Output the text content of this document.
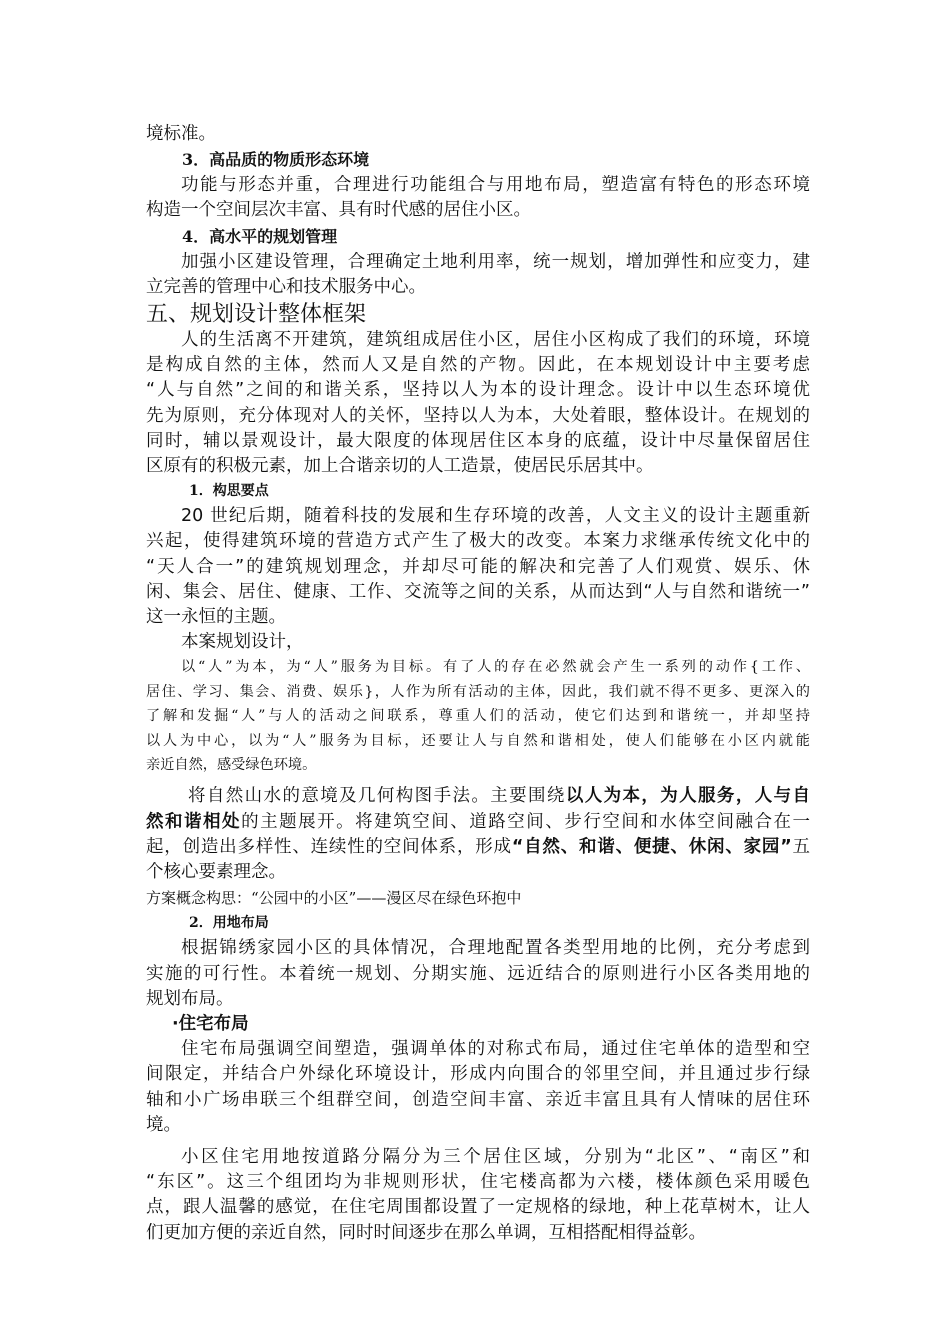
境标准。

3．高品质的物质形态环境

功能与形态并重，合理进行功能组合与用地布局，塑造富有特色的形态环境

构造一个空间层次丰富、具有时代感的居住小区。

4．高水平的规划管理

加强小区建设管理，合理确定土地利用率，统一规划，增加弹性和应变力，建

立完善的管理中心和技术服务中心。

五、规划设计整体框架

人的生活离不开建筑，建筑组成居住小区，居住小区构成了我们的环境，环境

是构成自然的主体，然而人又是自然的产物。因此，在本规划设计中主要考虑

“人与自然”之间的和谐关系，坚持以人为本的设计理念。设计中以生态环境优

先为原则，充分体现对人的关怀，坚持以人为本，大处着眼，整体设计。在规划的

同时，辅以景观设计，最大限度的体现居住区本身的底蕴，设计中尽量保留居住

区原有的积极元素，加上合谐亲切的人工造景，使居民乐居其中。

1．构思要点

20 世纪后期，随着科技的发展和生存环境的改善，人文主义的设计主题重新

兴起，使得建筑环境的营造方式产生了极大的改变。本案力求继承传统文化中的

“天人合一”的建筑规划理念，并却尽可能的解决和完善了人们观赏、娱乐、休

闲、集会、居住、健康、工作、交流等之间的关系，从而达到“人与自然和谐统一”

这一永恒的主题。

本案规划设计，

以“人”为本，为“人”服务为目标。有了人的存在必然就会产生一系列的动作{工作、

居住、学习、集会、消费、娱乐}，人作为所有活动的主体，因此，我们就不得不更多、更深入的

了解和发掘“人”与人的活动之间联系，尊重人们的活动，使它们达到和谐统一，并却坚持

以人为中心，以为“人”服务为目标，还要让人与自然和谐相处，使人们能够在小区内就能

亲近自然，感受绿色环境。

将自然山水的意境及几何构图手法。主要围绕以人为本，为人服务，人与自

然和谐相处的主题展开。将建筑空间、道路空间、步行空间和水体空间融合在一

起，创造出多样性、连续性的空间体系，形成“自然、和谐、便捷、休闲、家园”五

个核心要素理念。

方案概念构思：“公园中的小区”——漫区尽在绿色环抱中

2．用地布局

根据锦绣家园小区的具体情况，合理地配置各类型用地的比例，充分考虑到

实施的可行性。本着统一规划、分期实施、远近结合的原则进行小区各类用地的

规划布局。

·住宅布局

住宅布局强调空间塑造，强调单体的对称式布局，通过住宅单体的造型和空

间限定，并结合户外绿化环境设计，形成内向围合的邻里空间，并且通过步行绿

轴和小广场串联三个组群空间，创造空间丰富、亲近丰富且具有人情味的居住环

境。

小区住宅用地按道路分隔分为三个居住区域，分别为“北区”、“南区”和

“东区”。这三个组团均为非规则形状，住宅楼高都为六楼，楼体颜色采用暖色

点，跟人温馨的感觉，在住宅周围都设置了一定规格的绿地，种上花草树木，让人

们更加方便的亲近自然，同时时间逐步在那么单调，互相搭配相得益彰。
